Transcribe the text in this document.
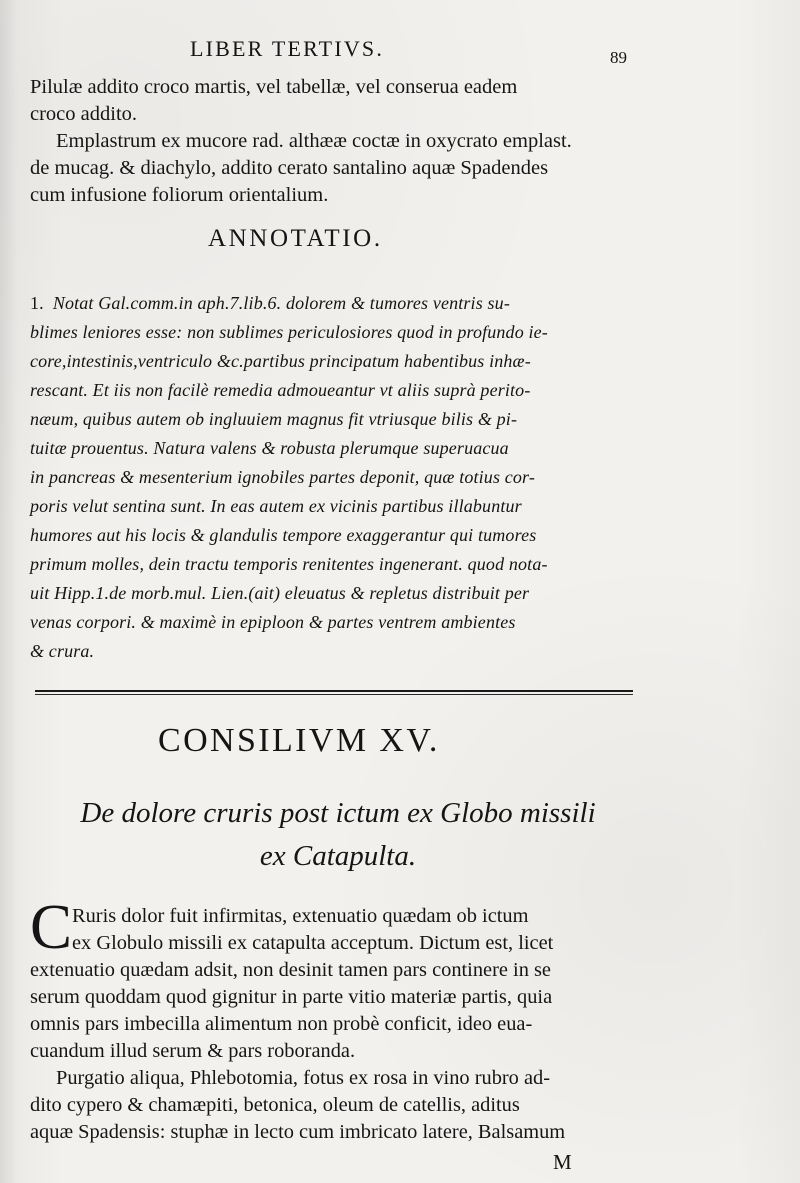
LIBER TERTIVS.	89
Pilulæ addito croco martis, vel tabellæ, vel conserua eadem
croco addito.
Emplastrum ex mucore rad. althææ coctæ in oxycrato emplast.
de mucag. & diachylo, addito cerato santalino aquæ Spadendes
cum infusione foliorum orientalium.
ANNOTATIO.
1. Notat Gal.comm.in aph.7.lib.6. dolorem & tumores ventris su-
blimes leniores esse: non sublimes periculosiores quod in profundo ie-
core,intestinis,ventriculo &c.partibus principatum habentibus inhæ-
rescant. Et iis non facilè remedia admoueantur vt aliis suprà perito-
næum, quibus autem ob ingluuiem magnus fit vtriusque bilis & pi-
tuitæ prouentus. Natura valens & robusta plerumque superuacua
in pancreas & mesenterium ignobiles partes deponit, quæ totius cor-
poris velut sentina sunt. In eas autem ex vicinis partibus illabuntur
humores aut his locis & glandulis tempore exaggerantur qui tumores
primum molles, dein tractu temporis renitentes ingenerant. quod nota-
uit Hipp.1.de morb.mul. Lien.(ait) eleuatus & repletus distribuit per
venas corpori. & maximè in epiploon & partes ventrem ambientes
& crura.
CONSILIVM XV.
De dolore cruris post ictum ex Globo missili
ex Catapulta.
C Ruris dolor fuit infirmitas, extenuatio quædam ob ictum
ex Globulo missili ex catapulta acceptum. Dictum est, licet
extenuatio quædam adsit, non desinit tamen pars continere in se
serum quoddam quod gignitur in parte vitio materiæ partis, quia
omnis pars imbecilla alimentum non probè conficit, ideo eua-
cuandum illud serum & pars roboranda.
Purgatio aliqua, Phlebotomia, fotus ex rosa in vino rubro ad-
dito cypero & chamæpiti, betonica, oleum de catellis, aditus
aquæ Spadensis: stuphæ in lecto cum imbricato latere, Balsamum
M
